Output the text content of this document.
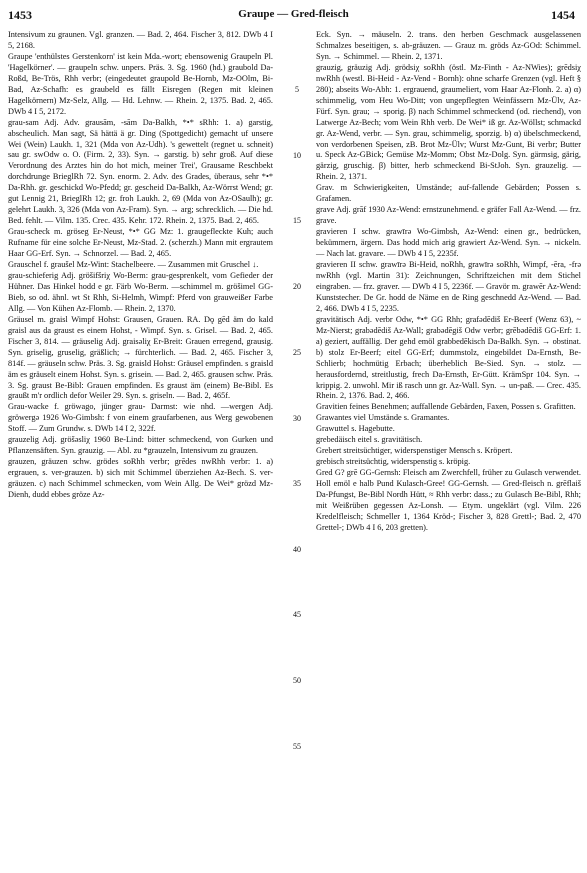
1453	Graupe — Gred-fleisch	1454

Intensivum zu graunen. Vgl. granzen. — Bad. 2, 464. Fischer 3, 812. DWb 4 I 5, 2168.

Graupe 'enthülstes Gerstenkorn' ist kein Mda.-wort; ebensowenig Graupeln Pl. 'Hagelkörner'. — graupeln schw. unpers. Präs. 3. Sg. 1960 (hd.) graubold Da-Roßd, Be-Trös, Rhh verbr; (eingedeutet graupold Be-Hornb, Mz-OOlm, Bi-Bad, Az-Schafh: es graubeld es fällt Eisregen (Regen mit kleinen Hagelkörnern) Mz-Selz, Allg. — Hd. Lehnw. — Rhein. 2, 1375. Bad. 2, 465. DWb 4 I 5, 2172.

grau-sam Adj. Adv. grausām, -sām Da-Balkh, *•* sRhh: 1. a) garstig, abscheulich. Man sagt, Sä hättä ä gr. Ding (Spottgedicht) gemacht uf unsere Wei (Wein) Laukh. 1, 321 (Mda von Az-Udh). 's gewettelt (regnet u. schneit) sau gr. swOdw o. O. (Firm. 2, 33). Syn. → garstig. b) sehr groß. Auf diese Verordnung des Arztes hin do hot mich, meiner Trei', Grausame Reschbekt dorchdrunge BrieglRh 72. Syn. enorm. 2. Adv. des Grades, überaus, sehr *•* Da-Rhh. gr. geschickd Wo-Pfedd; gr. gescheid Da-Balkh, Az-Wörrst Wend; gr. gut Lennig 21, BrieglRh 12; gr. froh Laukh. 2, 69 (Mda von Az-OSaulh); gr. gelehrt Laukh. 3, 326 (Mda von Az-Fram). Syn. → arg; schrecklich. — Die hd. Bed. fehlt. — Vilm. 135. Crec. 435. Kehr. 172. Rhein. 2, 1375. Bad. 2, 465.

Grau-scheck m. gröseg Er-Neust, *•* GG Mz: 1. graugefleckte Kuh; auch Rufname für eine solche Er-Neust, Mz-Stad. 2. (scherzh.) Mann mit ergrautem Haar GG-Erf. Syn. → Schnorzel. — Bad. 2, 465.

Grauschel f. graušel Mz-Wint: Stachelbeere. — Zusammen mit Gruschel ↓.

grau-schieferig Adj. gröšifšriχ Wo-Berm: grau-gesprenkelt, vom Gefieder der Hühner. Das Hinkel hodd e gr. Färb Wo-Berm. —schimmel m. gröšimel GG-Bieb, so od. ähnl. wt St Rhh, Si-Helmh, Wimpf: Pferd von grauweißer Farbe Allg. — Von Kühen Az-Flomb. — Rhein. 2, 1370.

Gräusel m. graisl Wimpf Hohst: Grausen, Grauen. RA. Dǫ gēd äm do kald graisl aus da graust es einem Hohst, - Wimpf. Syn. s. Grisel. — Bad. 2, 465. Fischer 3, 814. — gräuselig Adj. graisəliχ Er-Breit: Grauen erregend, grausig. Syn. griselig, gruselig, gräßlich; → fürchterlich. — Bad. 2, 465. Fischer 3, 814f. — gräuseln schw. Präs. 3. Sg. graisld Hohst: Gräusel empfinden. s graisld äm es gräuselt einem Hohst. Syn. s. grisein. — Bad. 2, 465. grausen schw. Präs. 3. Sg. graust Be-Bibl: Grauen empfinden. Es graust äm (einem) Be-Bibl. Es graußt m'r ordlich defor Weiler 29. Syn. s. griseln. — Bad. 2, 465f.

Grau-wacke f. gröwago, jünger grau- Darmst: wie nhd. —wergen Adj. gröwergə 1926 Wo-Gimbsh: f von einem graufarbenen, aus Werg gewobenen Stoff. — Zum Grundw. s. DWb 14 I 2, 322f.

grauzelig Adj. gröšəsliχ 1960 Be-Lind: bitter schmeckend, von Gurken und Pflanzensäften. Syn. grauzig. — Abl. zu *grauzeln, Intensivum zu grauzen.

grauzen, gräuzen schw. grödes soRhh verbr; grēdes nwRhh verbr: 1. a) ergrauen, s. ver-grauzen. b) sich mit Schimmel überziehen Az-Bech. S. ver-gräuzen. c) nach Schimmel schmecken, vom Wein Allg. De Wei* grözd Mz-Dienh, dudd ebbes gröze Az-

5
10
15
20
25
30
35
40
45
50
55

Eck. Syn. → mäuseln. 2. trans. den herben Geschmack ausgelassenen Schmalzes beseitigen, s. ab-gräuzen. — Grauz m. gröds Az-GOd: Schimmel. Syn. → Schimmel. — Rhein. 2, 1371.

grauzig, gräuzig Adj. grödsiχ soRhh (östl. Mz-Finth - Az-NWies); grēdsiχ nwRhh (westl. Bi-Heid - Az-Vend - Bornh): ohne scharfe Grenzen (vgl. Heft § 280); abseits Wo-Abh: 1. ergrauend, graumeliert, vom Haar Az-Flonh. 2. a) α) schimmelig, vom Heu Wo-Ditt; von ungepflegten Weinfässern Mz-Ülv, Az-Fürf. Syn. grau; → sporig. β) nach Schimmel schmeckend (od. riechend), von Latwerge Az-Bech; vom Wein Rhh verb. De Wei* iß gr. Az-Wöllst; schmackd gr. Az-Wend, verbr. — Syn. grau, schimmelig, sporzig. b) α) übelschmeckend, von verdorbenen Speisen, zB. Brot Mz-Ülv; Wurst Mz-Gunt, Bi verbr; Butter u. Speck Az-GBick; Gemüse Mz-Momm; Obst Mz-Dolg. Syn. gärmsig, gärig, gärzig, gruschig. β) bitter, herb schmeckend Bi-StJoh. Syn. grauzelig. — Rhein. 2, 1371.

Grav. m Schwierigkeiten, Umstände; auf-fallende Gebärden; Possen s. Grafamen.

grave Adj. grāf 1930 Az-Wend: ernstzunehmend. e gräfer Fall Az-Wend. — frz. grave.

gravieren I schw. grawīrə Wo-Gimbsh, Az-Wend: einen gr., bedrücken, bekümmern, ärgern. Das hodd mich arig grawiert Az-Wend. Syn. → nickeln. — Nach lat. gravare. — DWb 4 I 5, 2235f.

gravieren II schw. grawīrə Bi-Heid, noRhh, grawīrə soRhh, Wimpf, -ēra, -frə nwRhh (vgl. Martin 31): Zeichnungen, Schriftzeichen mit dem Stichel eingraben. — frz. graver. — DWb 4 I 5, 2236f. — Gravör m. grawēr Az-Wend: Kunststecher. De Gr. hodd de Näme en de Ring geschnedd Az-Wend. — Bad. 2, 466. DWb 4 I 5, 2235.

gravitätisch Adj. verbr Odw, *•* GG Rhh; grafədēdiš Er-Beerf (Wenz 63), ~ Mz-Nierst; grabədēdiš Az-Wall; grabədēgiš Odw verbr; grēbədēdiš GG-Erf: 1. a) geziert, auffällig. Der gehd emöl grabbedēkisch Da-Balkh. Syn. → obstinat. b) stolz Er-Beerf; eitel GG-Erf; dummstolz, eingebildet Da-Ernsth, Be-Schlierb; hochmütig Erbach; überheblich Be-Sied. Syn. → stolz. — herausfordernd, streitlustig, frech Da-Ernsth, Er-Gütt. KrämSpr 104. Syn. → krippig. 2. unwohl. Mir iß rasch unn gr. Az-Wall. Syn. → un-paß. — Crec. 435. Rhein. 2, 1376. Bad. 2, 466.

Gravitien feines Benehmen; auffallende Gebärden, Faxen, Possen s. Grafitten.

Grawantes viel Umstände s. Gramantes.

Grawuttel s. Hagebutte.

grebedäisch eitel s. gravitätisch.

Grebert streitsüchtiger, widerspenstiger Mensch s. Kröpert.

grebisch streitsüchtig, widerspenstig s. kröpig.

Gred G? grē GG-Gernsh: Fleisch am Zwerchfell, früher zu Gulasch verwendet. Holl emöl e halb Pund Kulasch-Gree! GG-Gernsh. — Gred-fleisch n. grēflaiš Da-Pfungst, Be-Bibl Nordh Hütt, ≈ Rhh verbr: dass.; zu Gulasch Be-Bibl, Rhh; mit Weißrüben gegessen Az-Lonsh. — Etym. ungeklärt (vgl. Vilm. 226 Kredelfleisch; Schmeller 1, 1364 Kröd-; Fischer 3, 828 Grettl-; Bad. 2, 470 Grettel-; DWb 4 I 6, 203 gretten).
